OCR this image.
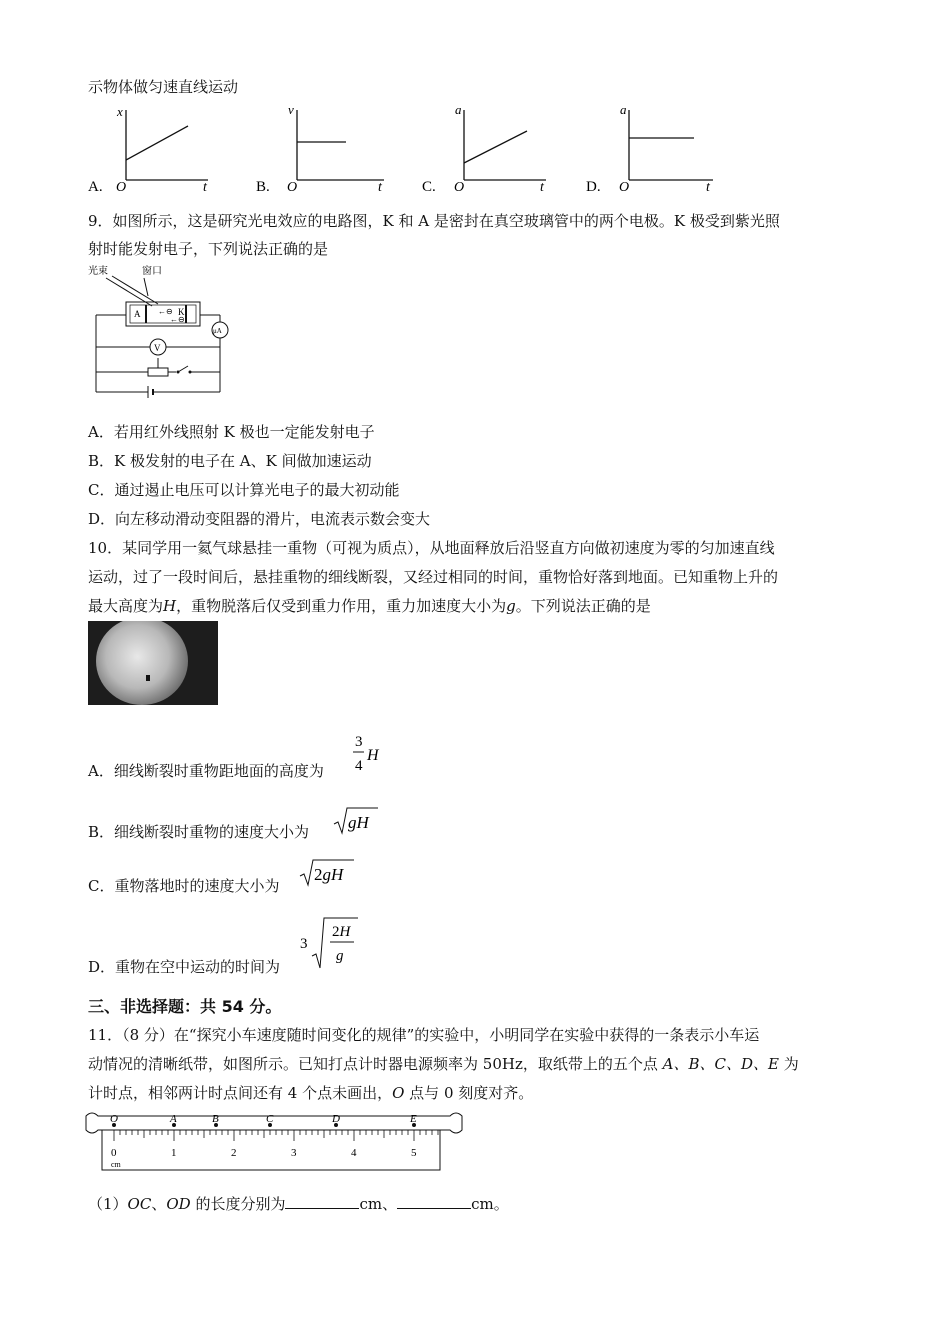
示物体做匀速直线运动
x
O	t
A.
v
O	t
B.
a
O	t
C.
a
O	t
D.
9．如图所示，这是研究光电效应的电路图，K 和 A 是密封在真空玻璃管中的两个电极。K 极受到紫光照
射时能发射电子，下列说法正确的是
光束	窗口
A	K
←⊖
←⊖
μA
V
A．若用红外线照射 K 极也一定能发射电子
B．K 极发射的电子在 A、K 间做加速运动
C．通过遏止电压可以计算光电子的最大初动能
D．向左移动滑动变阻器的滑片，电流表示数会变大
10．某同学用一氦气球悬挂一重物（可视为质点），从地面释放后沿竖直方向做初速度为零的匀加速直线
运动，过了一段时间后，悬挂重物的细线断裂，又经过相同的时间，重物恰好落到地面。已知重物上升的
最大高度为H，重物脱落后仅受到重力作用，重力加速度大小为g。下列说法正确的是
A．细线断裂时重物距地面的高度为
3
4
H
B．细线断裂时重物的速度大小为 gH
C．重物落地时的速度大小为
2gH
D．重物在空中运动的时间为
3
2H
g
三、非选择题：共 54 分。
11．（8 分）在“探究小车速度随时间变化的规律”的实验中，小明同学在实验中获得的一条表示小车运
动情况的清晰纸带，如图所示。已知打点计时器电源频率为 50Hz，取纸带上的五个点 A、B、C、D、E 为
计时点，相邻两计时点间还有 4 个点未画出，O 点与 0 刻度对齐。
O	A	B	C	D	E
0	1	2	3	4	5
cm
（1）OC、OD 的长度分别为	cm、	cm。
